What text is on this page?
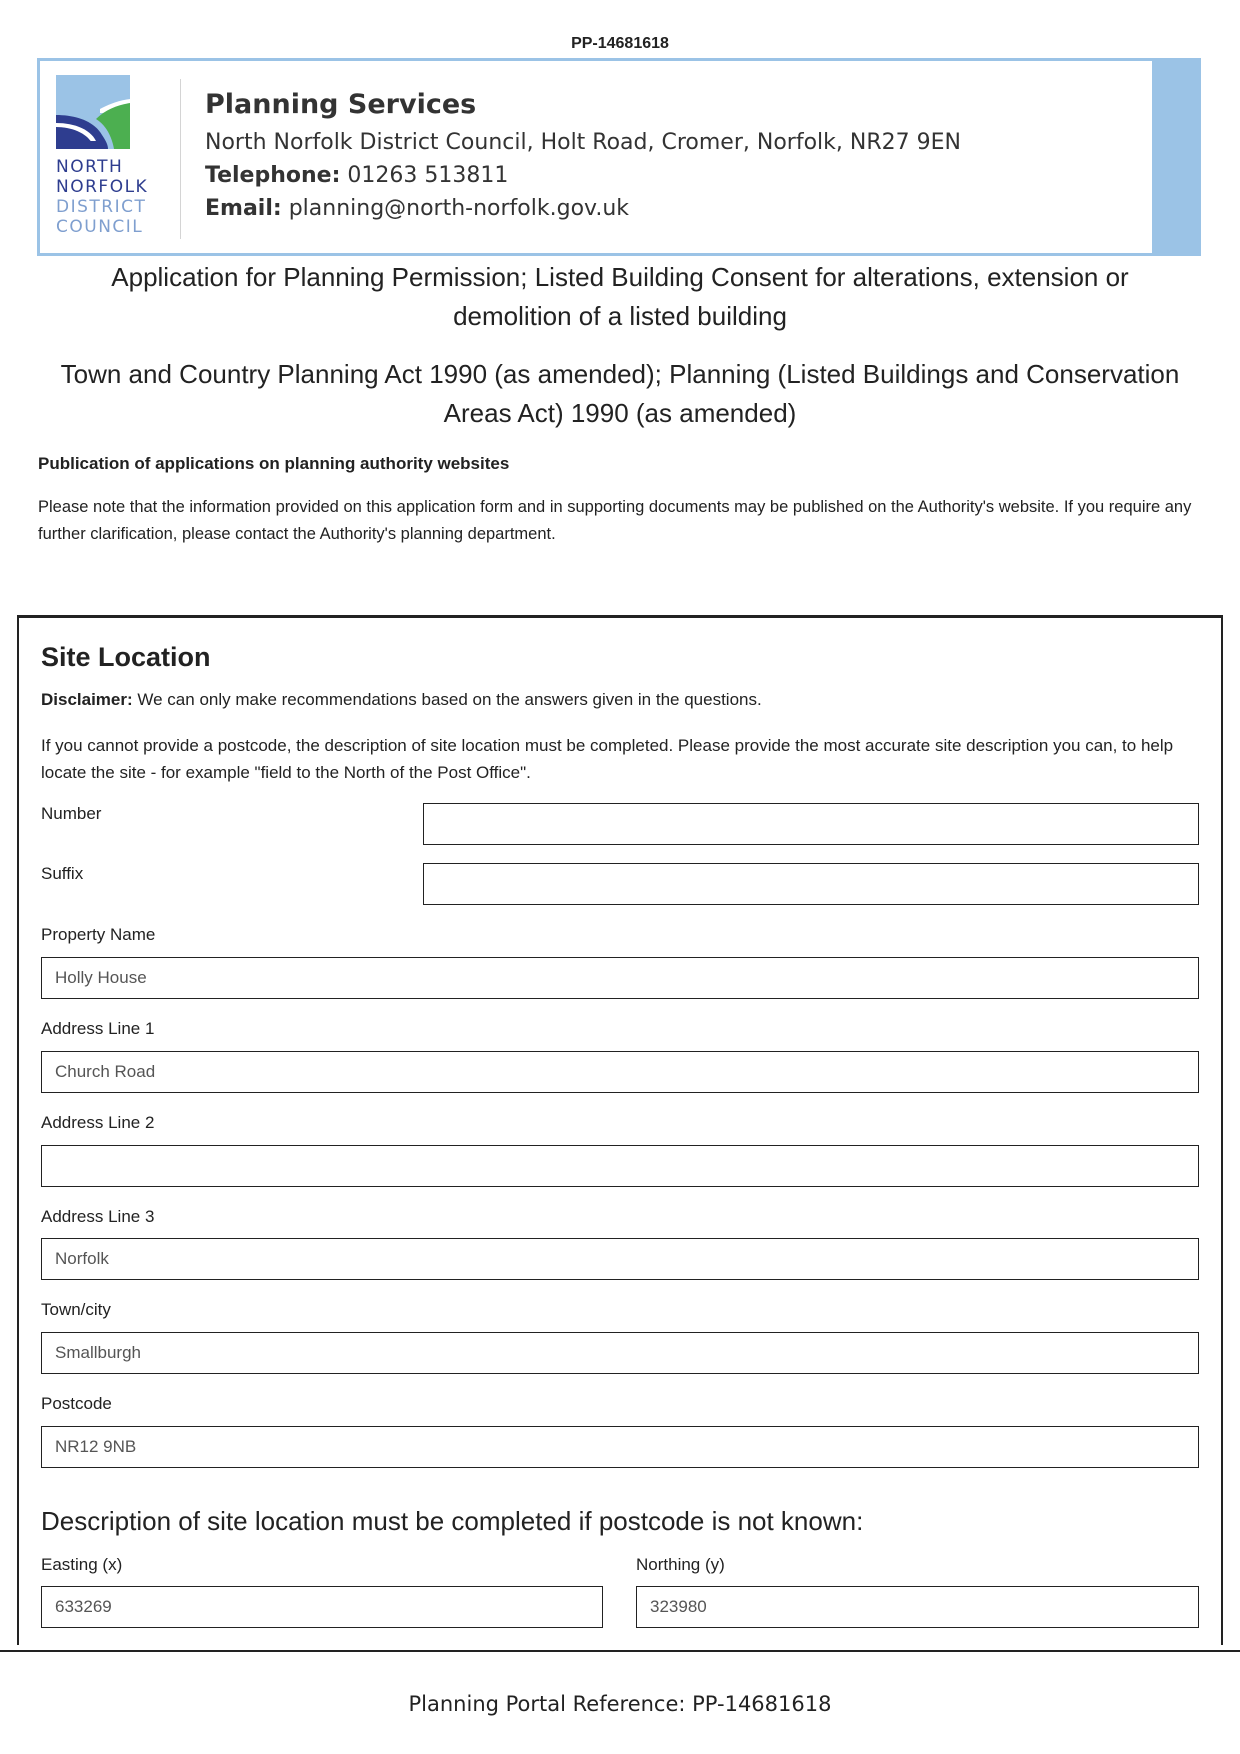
PP-14681618
NORTH
NORFOLK
DISTRICT
COUNCIL
Planning Services
North Norfolk District Council, Holt Road, Cromer, Norfolk, NR27 9EN
Telephone: 01263 513811
Email: planning@north-norfolk.gov.uk
Application for Planning Permission; Listed Building Consent for alterations, extension or demolition of a listed building
Town and Country Planning Act 1990 (as amended); Planning (Listed Buildings and Conservation Areas Act) 1990 (as amended)
Publication of applications on planning authority websites
Please note that the information provided on this application form and in supporting documents may be published on the Authority's website. If you require any further clarification, please contact the Authority's planning department.
Site Location
Disclaimer: We can only make recommendations based on the answers given in the questions.
If you cannot provide a postcode, the description of site location must be completed. Please provide the most accurate site description you can, to help locate the site - for example "field to the North of the Post Office".
Number
Suffix
Property Name
Holly House
Address Line 1
Church Road
Address Line 2
Address Line 3
Norfolk
Town/city
Smallburgh
Postcode
NR12 9NB
Description of site location must be completed if postcode is not known:
Easting (x)
633269
Northing (y)
323980
Planning Portal Reference: PP-14681618
